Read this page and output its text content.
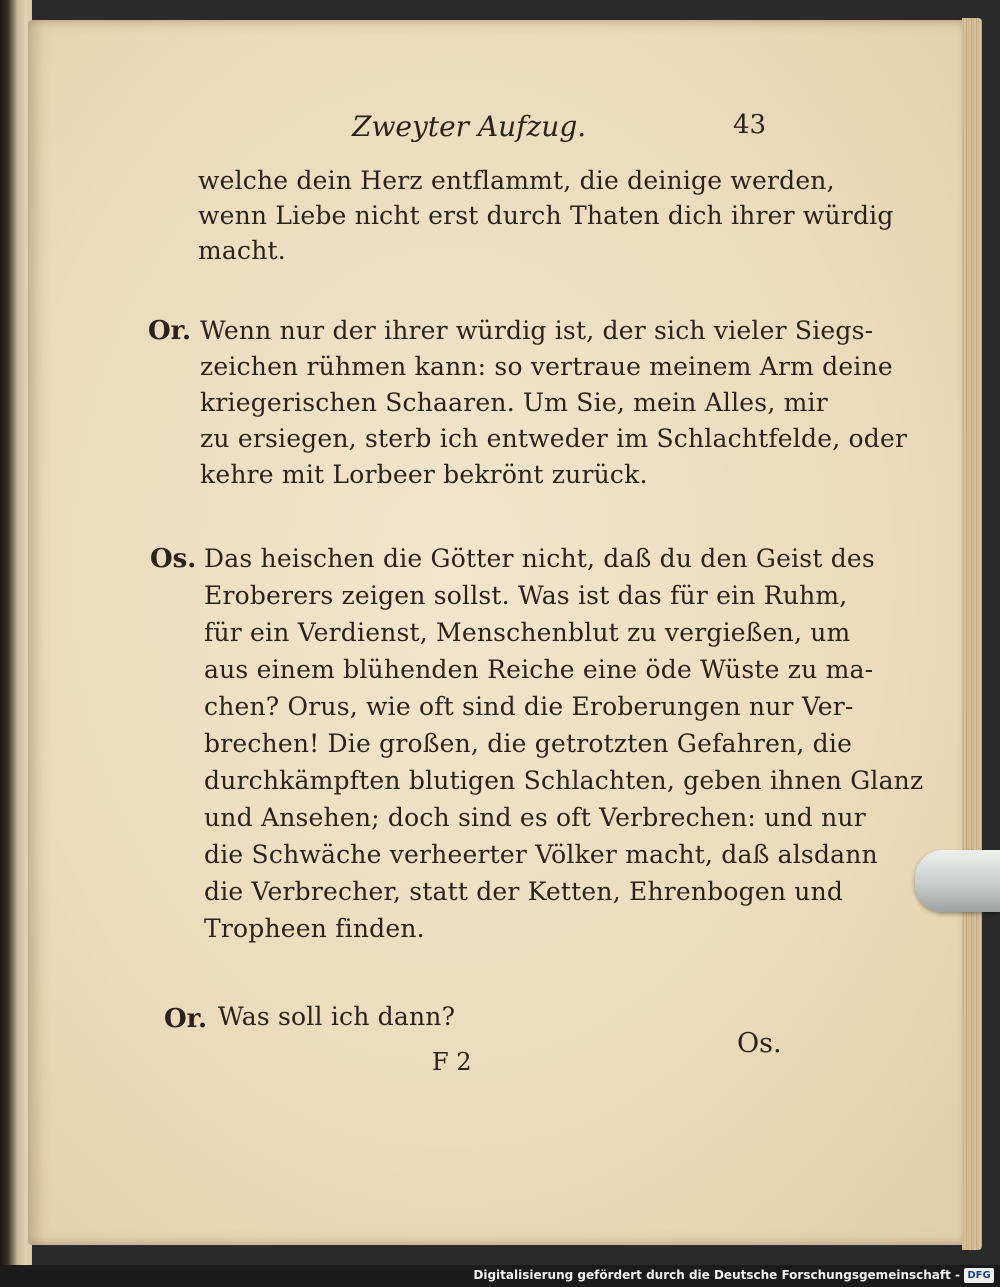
Zweyter Aufzug.	43

welche dein Herz entflammt, die deinige werden,

wenn Liebe nicht erst durch Thaten dich ihrer würdig

macht.

Or. Wenn nur der ihrer würdig ist, der sich vieler Siegs-

zeichen rühmen kann: so vertraue meinem Arm deine

kriegerischen Schaaren. Um Sie, mein Alles, mir

zu ersiegen, sterb ich entweder im Schlachtfelde, oder

kehre mit Lorbeer bekrönt zurück.

Os. Das heischen die Götter nicht, daß du den Geist des

Eroberers zeigen sollst. Was ist das für ein Ruhm,

für ein Verdienst, Menschenblut zu vergießen, um

aus einem blühenden Reiche eine öde Wüste zu ma-

chen? Orus, wie oft sind die Eroberungen nur Ver-

brechen! Die großen, die getrotzten Gefahren, die

durchkämpften blutigen Schlachten, geben ihnen Glanz

und Ansehen; doch sind es oft Verbrechen: und nur

die Schwäche verheerter Völker macht, daß alsdann

die Verbrecher, statt der Ketten, Ehrenbogen und

Tropheen finden.

Or. Was soll ich dann?

F 2

Os.

Digitalisierung gefördert durch die Deutsche Forschungsgemeinschaft - DFG
